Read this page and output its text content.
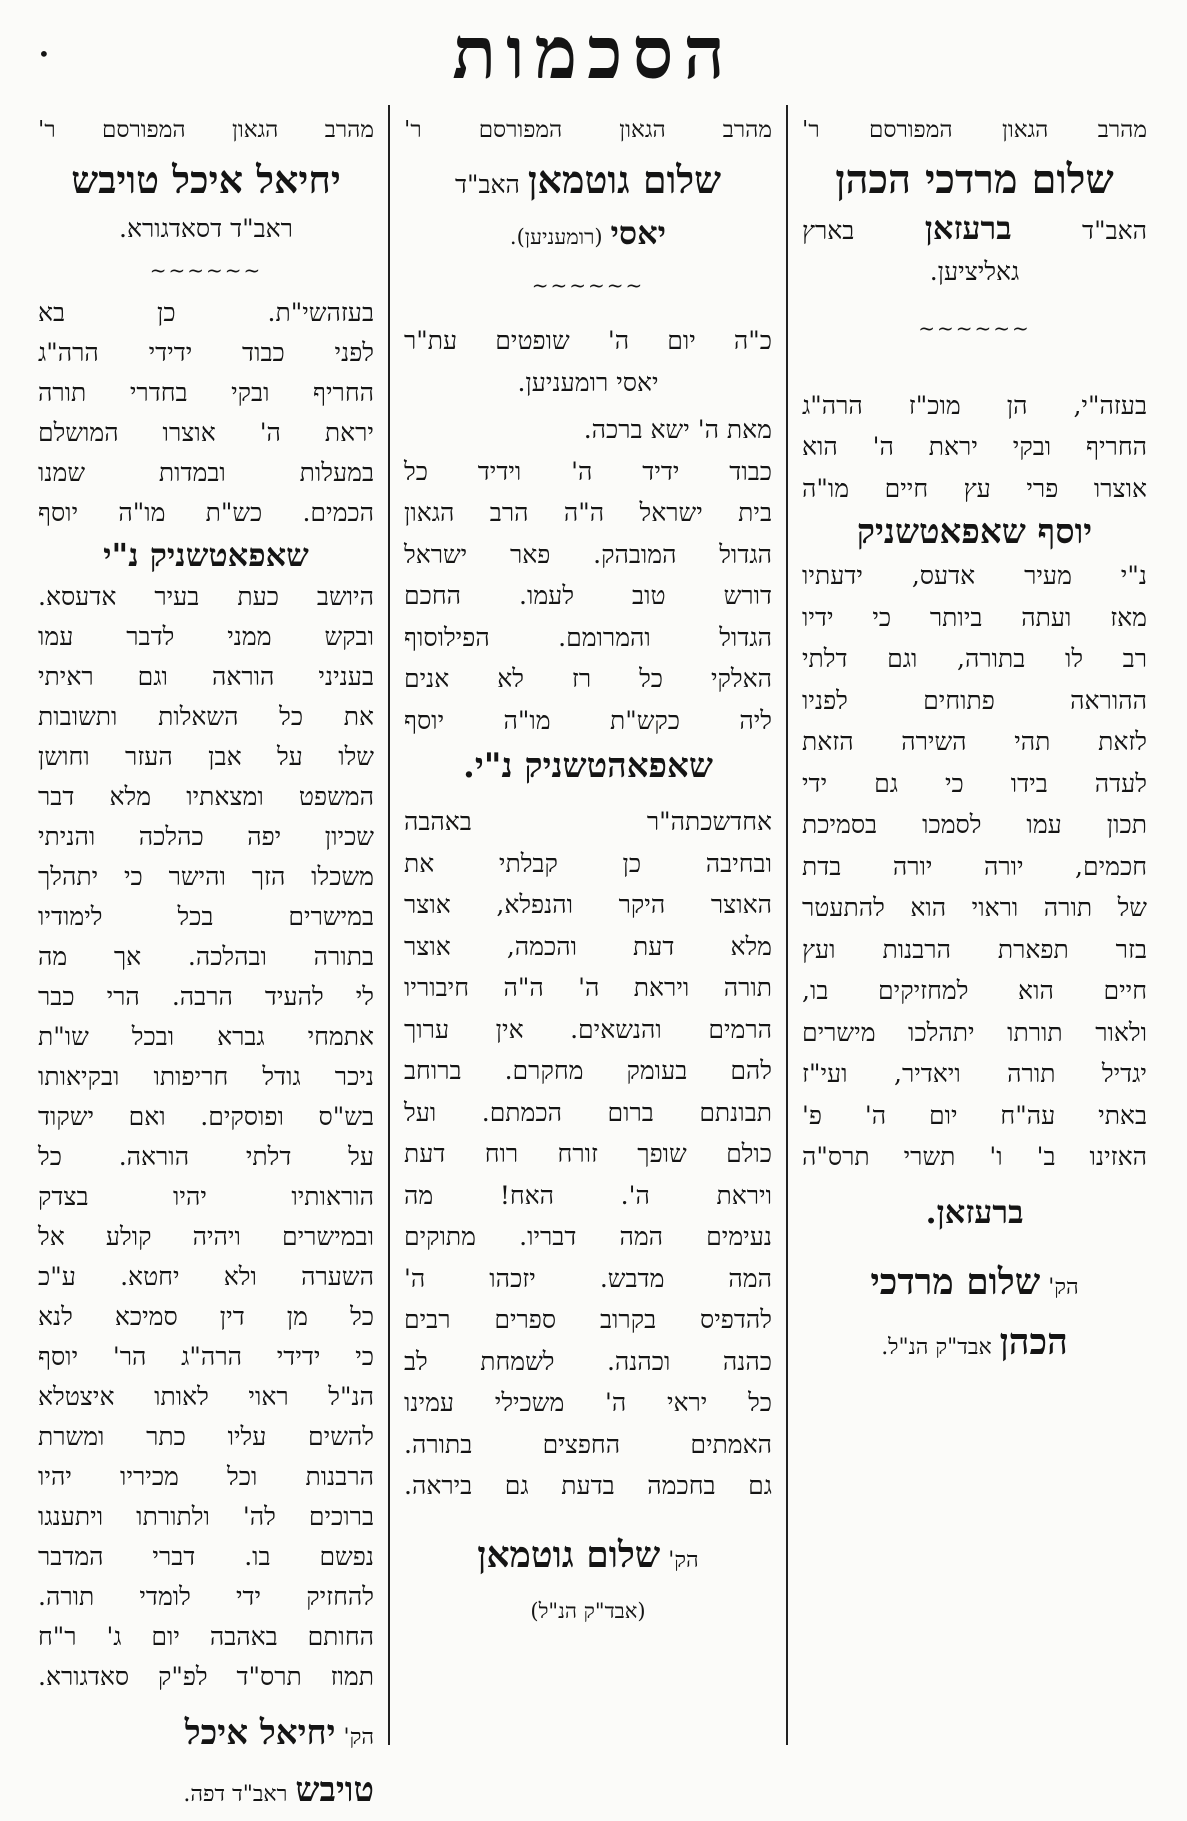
הסכמות
•
מהרב הגאון המפורסם ר'
שלום מרדכי הכהן
האב"ד ברעזאן בארץ
גאליציען.
~~~~~~
בעזה"י, הן מוכ"ז הרה"ג
החריף ובקי יראת ה' הוא
אוצרו פרי עץ חיים מו"ה
יוסף שאפאטשניק
נ"י מעיר אדעס, ידעתיו
מאז ועתה ביותר כי ידיו
רב לו בתורה, וגם דלתי
ההוראה פתוחים לפניו
לזאת תהי השירה הזאת
לעדה בידו כי גם ידי
תכון עמו לסמכו בסמיכת
חכמים, יורה יורה בדת
של תורה וראוי הוא להתעטר
בזר תפארת הרבנות ועץ
חיים הוא למחזיקים בו,
ולאור תורתו יתהלכו מישרים
יגדיל תורה ויאדיר, ועי"ז
באתי עה"ח יום ה' פ'
האזינו ב' ו' תשרי תרס"ה
ברעזאן.
הק' שלום מרדכי
הכהן אבד"ק הנ"ל.
מהרב הגאון המפורסם ר'
שלום גוטמאן האב"ד
יאסי (רומעניען).
~~~~~~
כ"ה יום ה' שופטים עת"ר
יאסי רומעניען.
מאת ה' ישא ברכה.
כבוד ידיד ה' וידיד כל
בית ישראל ה"ה הרב הגאון
הגדול המובהק. פאר ישראל
דורש טוב לעמו. החכם
הגדול והמרומם. הפילוסוף
האלקי כל רז לא אנים
ליה כקש"ת מו"ה יוסף
שאפאהטשניק נ"י.
אחדשכתה"ר באהבה
ובחיבה כן קבלתי את
האוצר היקר והנפלא, אוצר
מלא דעת והכמה, אוצר
תורה ויראת ה' ה"ה חיבוריו
הרמים והנשאים. אין ערוך
להם בעומק מחקרם. ברוחב
תבונתם ברום הכמתם. ועל
כולם שופך זורח רוח דעת
ויראת ה'. האח! מה
נעימים המה דבריו. מתוקים
המה מדבש. יזכהו ה'
להדפיס בקרוב ספרים רבים
כהנה וכהנה. לשמחת לב
כל יראי ה' משכילי עמינו
האמתים החפצים בתורה.
גם בחכמה בדעת גם ביראה.
הק' שלום גוטמאן
(אבד"ק הנ"ל)
מהרב הגאון המפורסם ר'
יחיאל איכל טויבש
ראב"ד דסאדגורא.
~~~~~~
בעזהשי"ת. כן בא
לפני כבוד ידידי הרה"ג
החריף ובקי בחדרי תורה
יראת ה' אוצרו המושלם
במעלות ובמדות שמנו
הכמים. כש"ת מו"ה יוסף
שאפאטשניק נ"י
היושב כעת בעיר אדעסא.
ובקש ממני לדבר עמו
בעניני הוראה וגם ראיתי
את כל השאלות ותשובות
שלו על אבן העזר וחושן
המשפט ומצאתיו מלא דבר
שכיון יפה כהלכה והניתי
משכלו הזך והישר כי יתהלך
במישרים בכל לימודיו
בתורה ובהלכה. אך מה
לי להעיד הרבה. הרי כבר
אתמחי גברא ובכל שו"ת
ניכר גודל חריפותו ובקיאותו
בש"ס ופוסקים. ואם ישקוד
על דלתי הוראה. כל
הוראותיו יהיו בצדק
ובמישרים ויהיה קולע אל
השערה ולא יחטא. ע"כ
כל מן דין סמיכא לנא
כי ידידי הרה"ג הר' יוסף
הנ"ל ראוי לאותו איצטלא
להשים עליו כתר ומשרת
הרבנות וכל מכיריו יהיו
ברוכים לה' ולתורתו ויתענגו
נפשם בו. דברי המדבר
להחזיק ידי לומדי תורה.
החותם באהבה יום ג' ר"ח
תמוז תרס"ד לפ"ק סאדגורא.
הק' יחיאל איכל
טויבש ראב"ד דפה.
